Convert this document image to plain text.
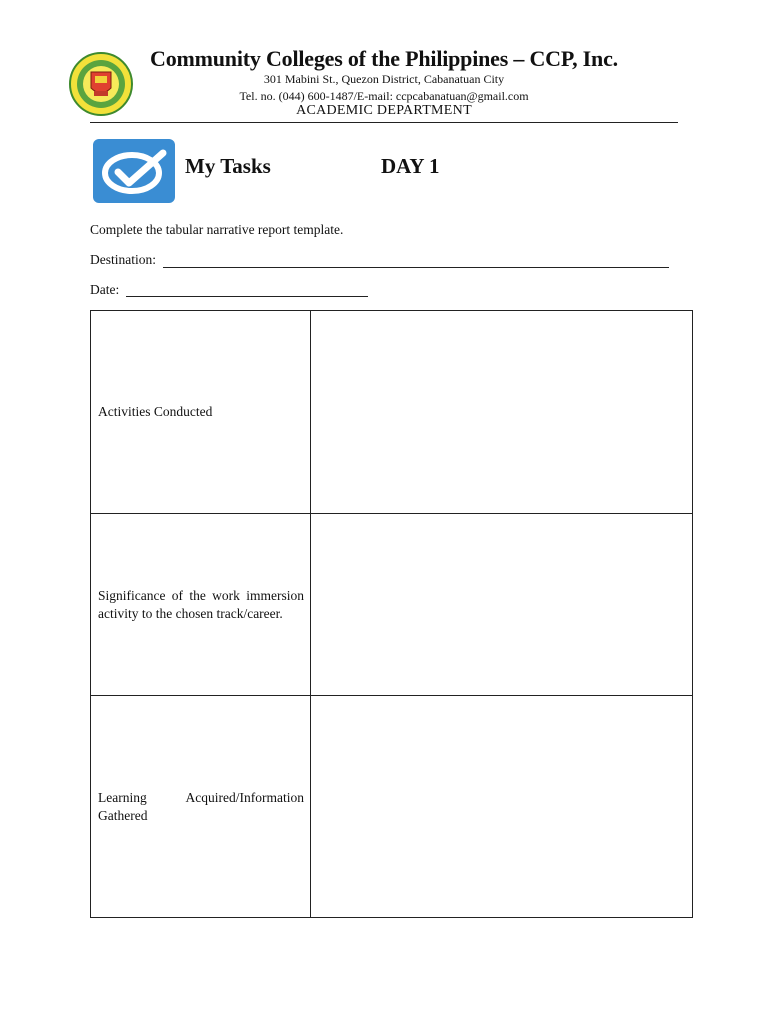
Community Colleges of the Philippines – CCP, Inc.
301 Mabini St., Quezon District, Cabanatuan City
Tel. no. (044) 600-1487/E-mail: ccpcabanatuan@gmail.com
ACADEMIC DEPARTMENT
My Tasks	DAY 1
Complete the tabular narrative report template.
Destination:
Date:
Activities Conducted	
Significance of the work immersion activity to the chosen track/career.	
Learning Acquired/Information Gathered	
